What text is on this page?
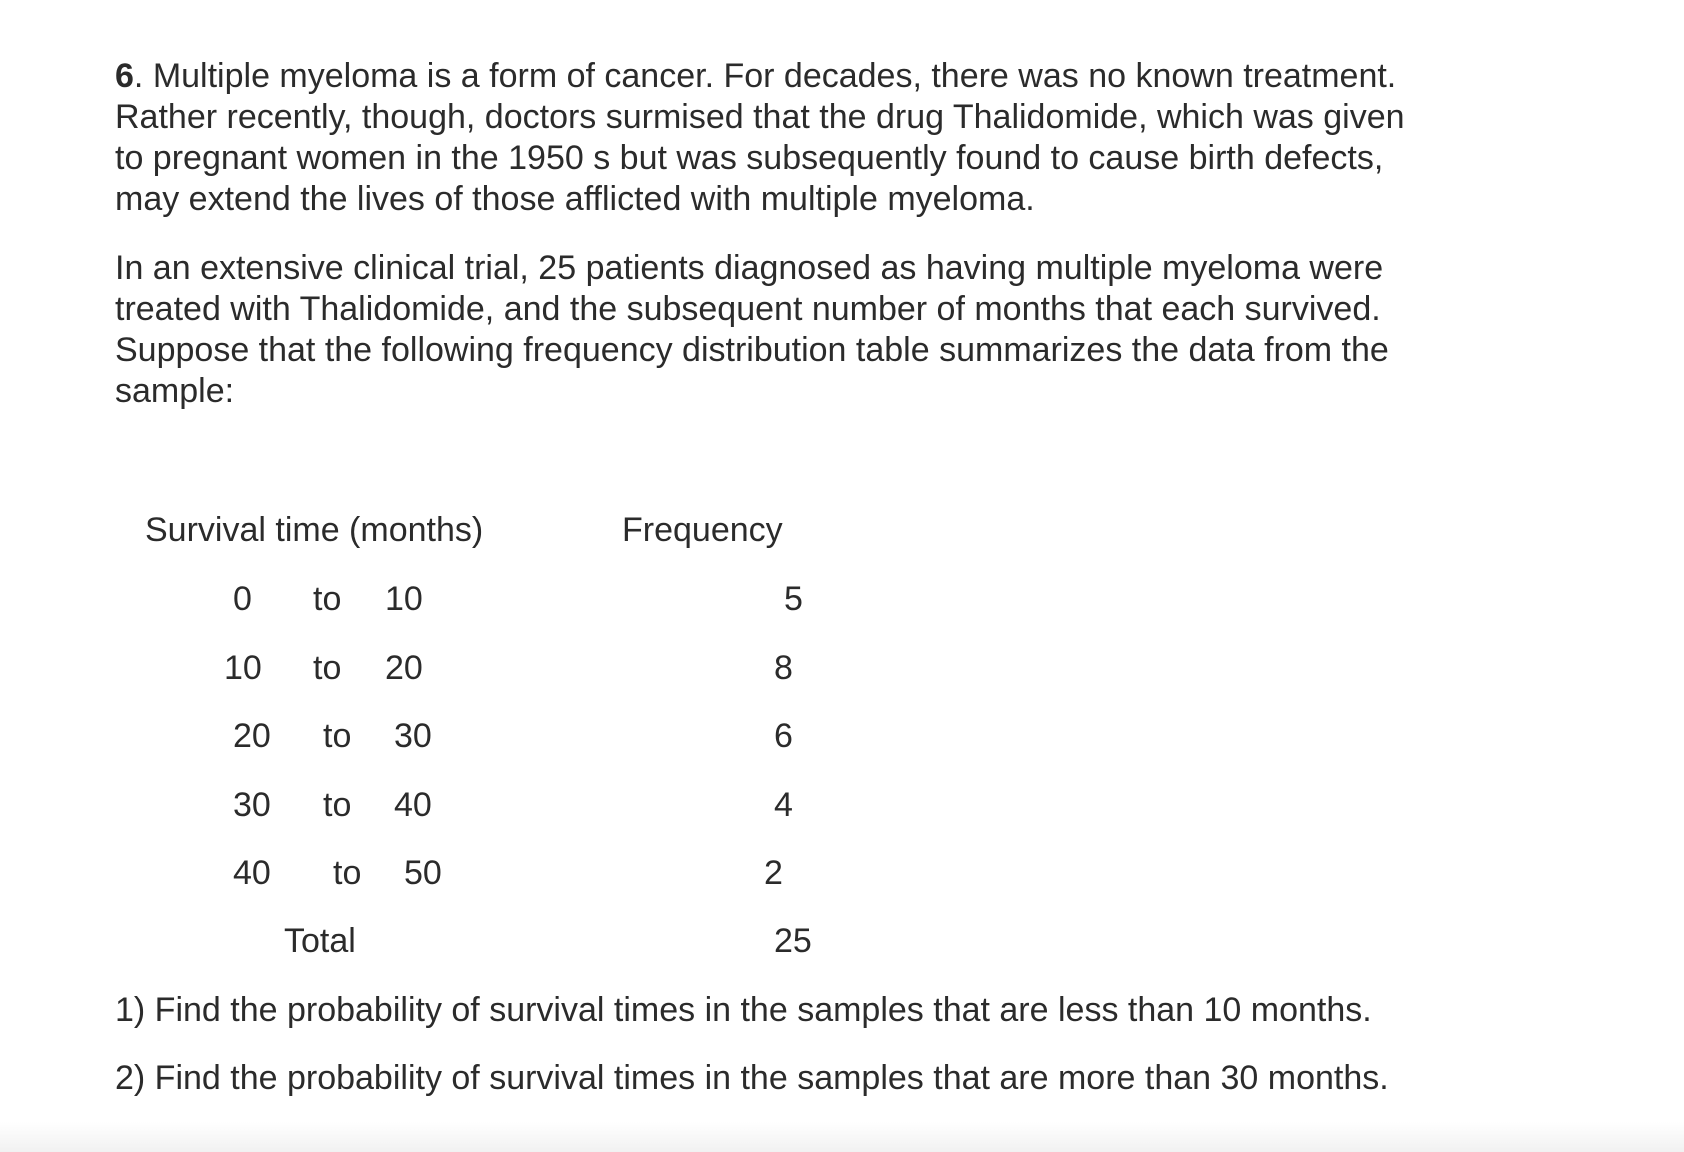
6. Multiple myeloma is a form of cancer. For decades, there was no known treatment.
Rather recently, though, doctors surmised that the drug Thalidomide, which was given
to pregnant women in the 1950 s but was subsequently found to cause birth defects,
may extend the lives of those afflicted with multiple myeloma.

In an extensive clinical trial, 25 patients diagnosed as having multiple myeloma were
treated with Thalidomide, and the subsequent number of months that each survived.
Suppose that the following frequency distribution table summarizes the data from the
sample:

Survival time (months)	Frequency
0 to 10	5
10 to 20	8
20 to 30	6
30 to 40	4
40 to 50	2
Total	25
1) Find the probability of survival times in the samples that are less than 10 months.
2) Find the probability of survival times in the samples that are more than 30 months.
